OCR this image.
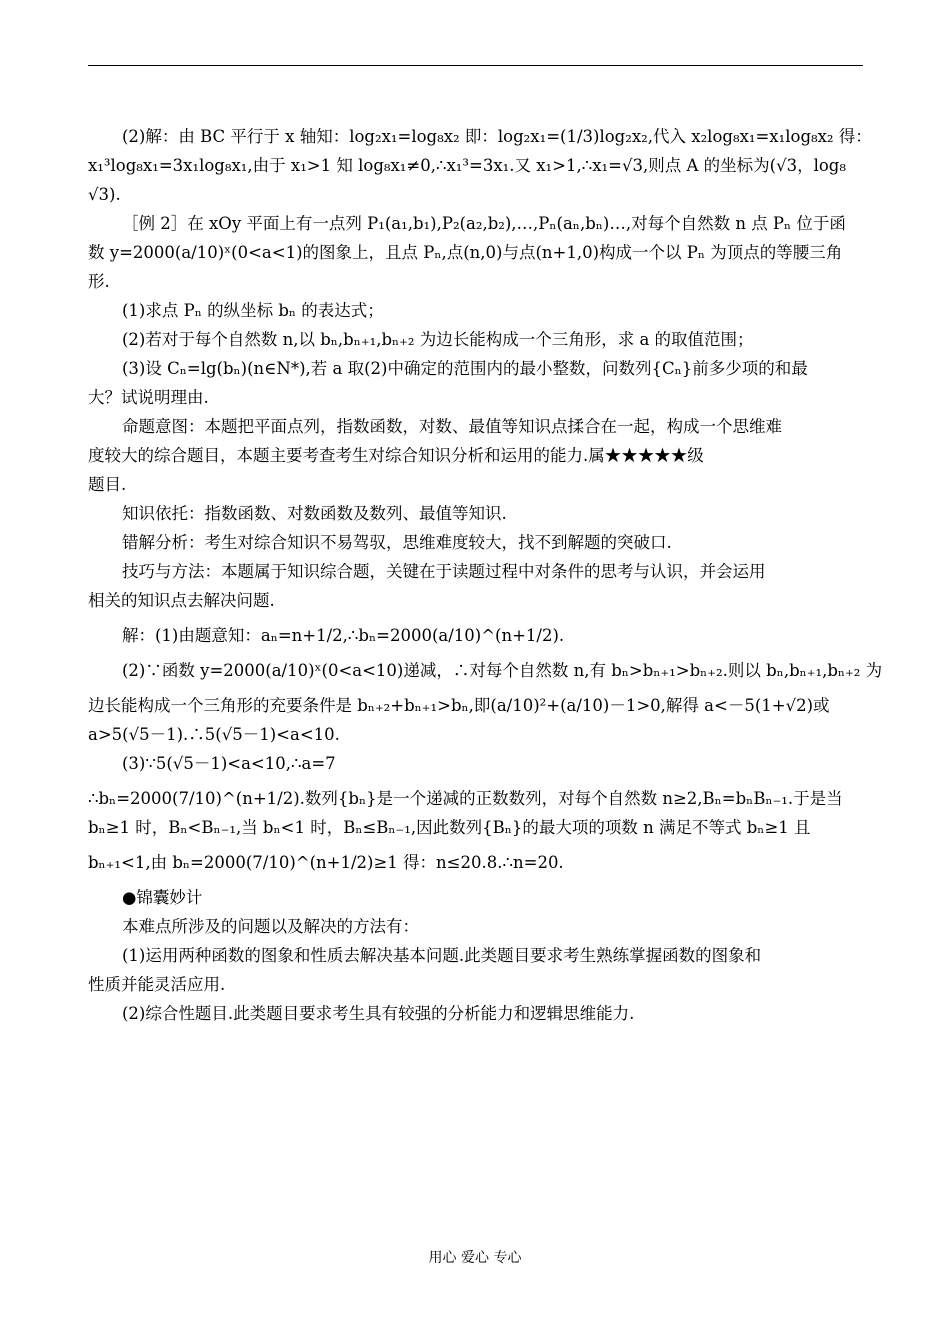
(2)解：由 BC 平行于 x 轴知：log₂x₁=log₈x₂ 即：log₂x₁=(1/3)log₂x₂,代入 x₂log₈x₁=x₁log₈x₂ 得：
x₁³log₈x₁=3x₁log₈x₁,由于 x₁>1 知 log₈x₁≠0,∴x₁³=3x₁.又 x₁>1,∴x₁=√3,则点 A 的坐标为(√3，log₈
√3).
［例 2］在 xOy 平面上有一点列 P₁(a₁,b₁),P₂(a₂,b₂),…,Pₙ(aₙ,bₙ)…,对每个自然数 n 点 Pₙ 位于函
数 y=2000(a/10)ˣ(0<a<1)的图象上，且点 Pₙ,点(n,0)与点(n+1,0)构成一个以 Pₙ 为顶点的等腰三角
形.
(1)求点 Pₙ 的纵坐标 bₙ 的表达式；
(2)若对于每个自然数 n,以 bₙ,bₙ₊₁,bₙ₊₂ 为边长能构成一个三角形，求 a 的取值范围；
(3)设 Cₙ=lg(bₙ)(n∈N*),若 a 取(2)中确定的范围内的最小整数，问数列{Cₙ}前多少项的和最
大？试说明理由.
命题意图：本题把平面点列，指数函数，对数、最值等知识点揉合在一起，构成一个思维难
度较大的综合题目，本题主要考查考生对综合知识分析和运用的能力.属★★★★★级
题目.
知识依托：指数函数、对数函数及数列、最值等知识.
错解分析：考生对综合知识不易驾驭，思维难度较大，找不到解题的突破口.
技巧与方法：本题属于知识综合题，关键在于读题过程中对条件的思考与认识，并会运用
相关的知识点去解决问题.
解：(1)由题意知：aₙ=n+1/2,∴bₙ=2000(a/10)^(n+1/2).
(2)∵函数 y=2000(a/10)ˣ(0<a<10)递减，∴对每个自然数 n,有 bₙ>bₙ₊₁>bₙ₊₂.则以 bₙ,bₙ₊₁,bₙ₊₂ 为
边长能构成一个三角形的充要条件是 bₙ₊₂+bₙ₊₁>bₙ,即(a/10)²+(a/10)－1>0,解得 a<－5(1+√2)或
a>5(√5－1).∴5(√5－1)<a<10.
(3)∵5(√5－1)<a<10,∴a=7
∴bₙ=2000(7/10)^(n+1/2).数列{bₙ}是一个递减的正数数列，对每个自然数 n≥2,Bₙ=bₙBₙ₋₁.于是当
bₙ≥1 时，Bₙ<Bₙ₋₁,当 bₙ<1 时，Bₙ≤Bₙ₋₁,因此数列{Bₙ}的最大项的项数 n 满足不等式 bₙ≥1 且
bₙ₊₁<1,由 bₙ=2000(7/10)^(n+1/2)≥1 得：n≤20.8.∴n=20.
●锦囊妙计
本难点所涉及的问题以及解决的方法有：
(1)运用两种函数的图象和性质去解决基本问题.此类题目要求考生熟练掌握函数的图象和
性质并能灵活应用.
(2)综合性题目.此类题目要求考生具有较强的分析能力和逻辑思维能力.
用心 爱心 专心
